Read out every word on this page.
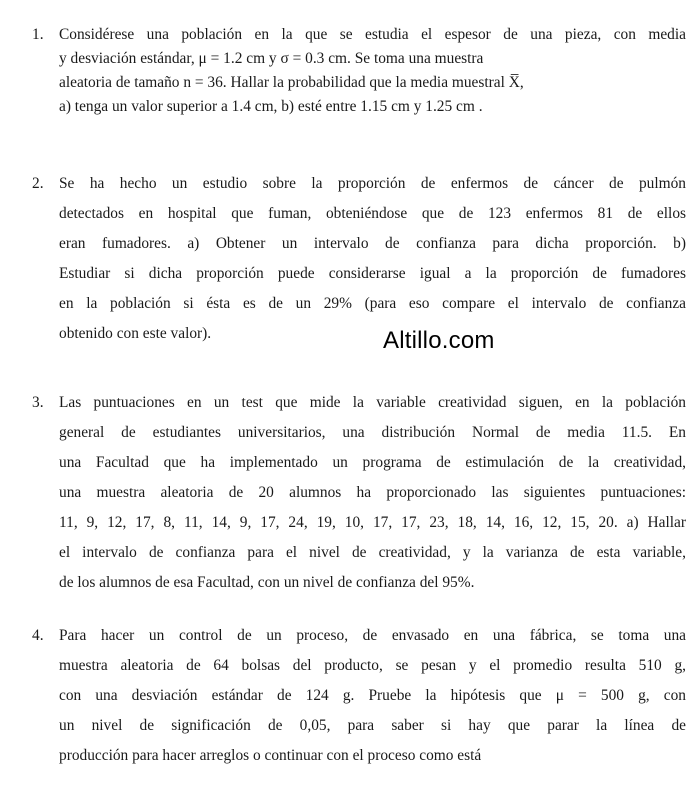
1. Considérese una población en la que se estudia el espesor de una pieza, con media
y desviación estándar, μ = 1.2 cm y σ = 0.3 cm. Se toma una muestra
aleatoria de tamaño n = 36. Hallar la probabilidad que la media muestral X̅,
a) tenga un valor superior a 1.4 cm, b) esté entre 1.15 cm y 1.25 cm .
2. Se ha hecho un estudio sobre la proporción de enfermos de cáncer de pulmón
detectados en hospital que fuman, obteniéndose que de 123 enfermos 81 de ellos
eran fumadores. a) Obtener un intervalo de confianza para dicha proporción. b)
Estudiar si dicha proporción puede considerarse igual a la proporción de fumadores
en la población si ésta es de un 29% (para eso compare el intervalo de confianza
obtenido con este valor).	Altillo.com
3. Las puntuaciones en un test que mide la variable creatividad siguen, en la población
general de estudiantes universitarios, una distribución Normal de media 11.5. En
una Facultad que ha implementado un programa de estimulación de la creatividad,
una muestra aleatoria de 20 alumnos ha proporcionado las siguientes puntuaciones:
11, 9, 12, 17, 8, 11, 14, 9, 17, 24, 19, 10, 17, 17, 23, 18, 14, 16, 12, 15, 20. a) Hallar
el intervalo de confianza para el nivel de creatividad, y la varianza de esta variable,
de los alumnos de esa Facultad, con un nivel de confianza del 95%.
4. Para hacer un control de un proceso, de envasado en una fábrica, se toma una
muestra aleatoria de 64 bolsas del producto, se pesan y el promedio resulta 510 g,
con una desviación estándar de 124 g. Pruebe la hipótesis que μ = 500 g, con
un nivel de significación de 0,05, para saber si hay que parar la línea de
producción para hacer arreglos o continuar con el proceso como está
